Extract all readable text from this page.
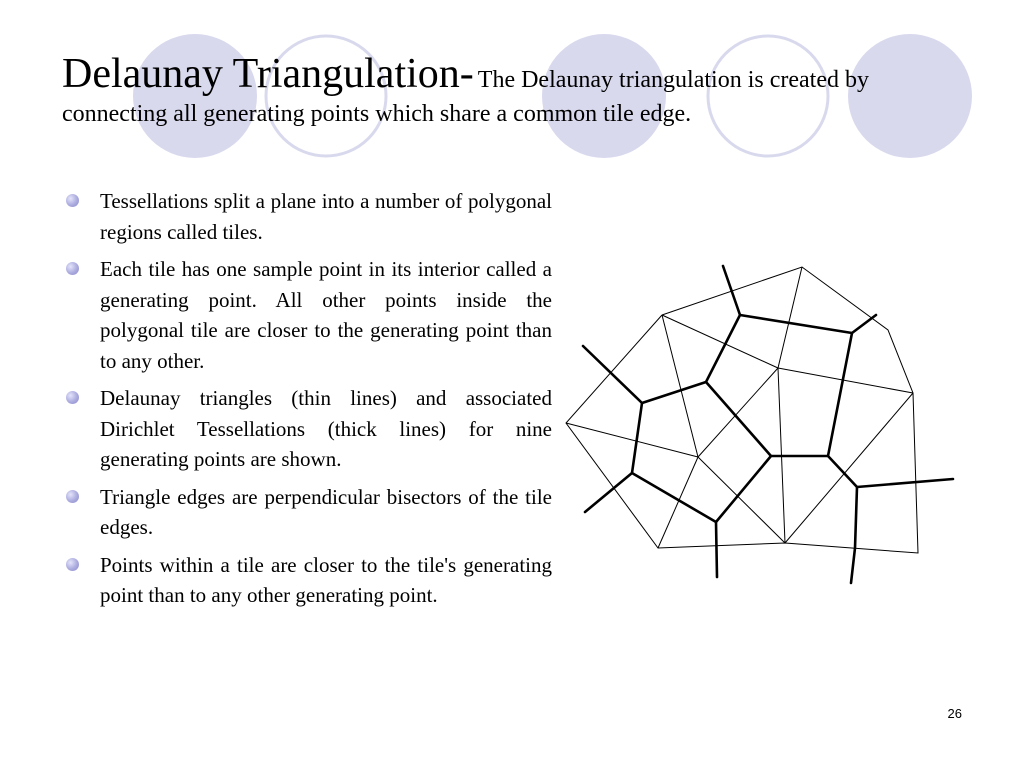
Delaunay Triangulation- The Delaunay triangulation is created by connecting all generating points which share a common tile edge.
Tessellations split a plane into a number of polygonal regions called tiles.
Each tile has one sample point in its interior called a generating point. All other points inside the polygonal tile are closer to the generating point than to any other.
Delaunay triangles (thin lines) and associated Dirichlet Tessellations (thick lines) for nine generating points are shown.
Triangle edges are perpendicular bisectors of the tile edges.
Points within a tile are closer to the tile's generating point than to any other generating point.
26
